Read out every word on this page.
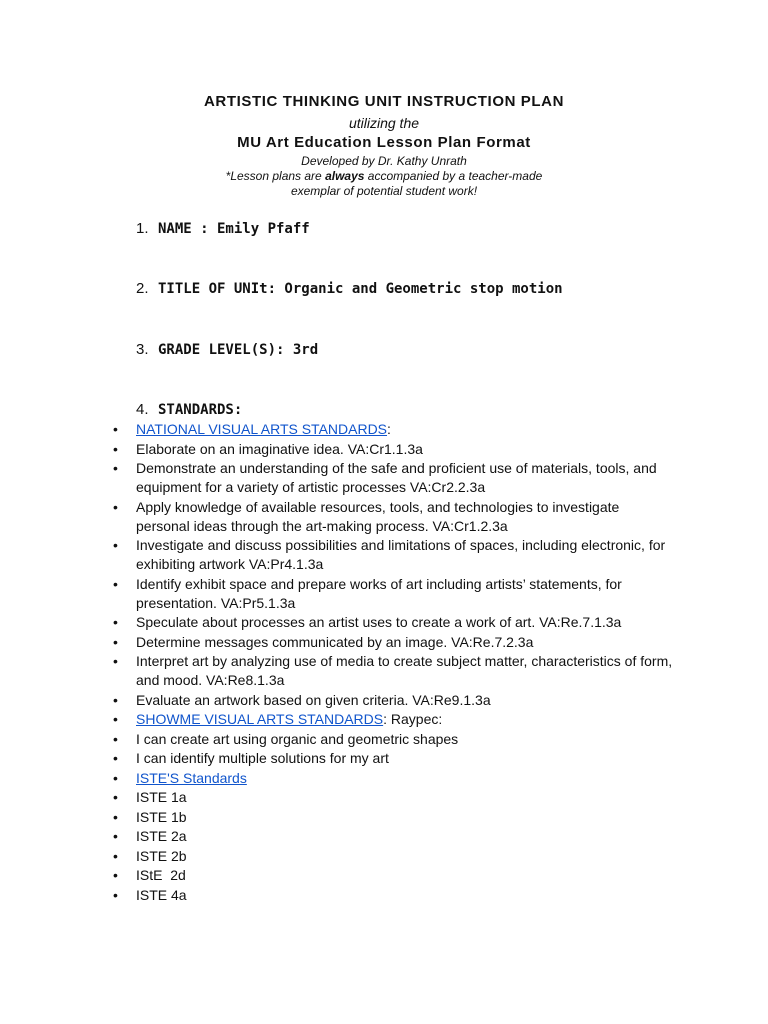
ARTISTIC THINKING UNIT INSTRUCTION PLAN
utilizing the
MU Art Education Lesson Plan Format
Developed by Dr. Kathy Unrath
*Lesson plans are always accompanied by a teacher-made
exemplar of potential student work!
1. NAME : Emily Pfaff
2. TITLE OF UNIt: Organic and Geometric stop motion
3. GRADE LEVEL(S): 3rd
4. STANDARDS:
• NATIONAL VISUAL ARTS STANDARDS:
• Elaborate on an imaginative idea. VA:Cr1.1.3a
• Demonstrate an understanding of the safe and proficient use of materials, tools, and equipment for a variety of artistic processes VA:Cr2.2.3a
• Apply knowledge of available resources, tools, and technologies to investigate personal ideas through the art-making process. VA:Cr1.2.3a
• Investigate and discuss possibilities and limitations of spaces, including electronic, for exhibiting artwork VA:Pr4.1.3a
• Identify exhibit space and prepare works of art including artists’ statements, for presentation. VA:Pr5.1.3a
• Speculate about processes an artist uses to create a work of art. VA:Re.7.1.3a
• Determine messages communicated by an image. VA:Re.7.2.3a
• Interpret art by analyzing use of media to create subject matter, characteristics of form, and mood. VA:Re8.1.3a
• Evaluate an artwork based on given criteria. VA:Re9.1.3a
• SHOWME VISUAL ARTS STANDARDS: Raypec:
• I can create art using organic and geometric shapes
• I can identify multiple solutions for my art
• ISTE'S Standards
• ISTE 1a
• ISTE 1b
• ISTE 2a
• ISTE 2b
• IStE  2d
• ISTE 4a
